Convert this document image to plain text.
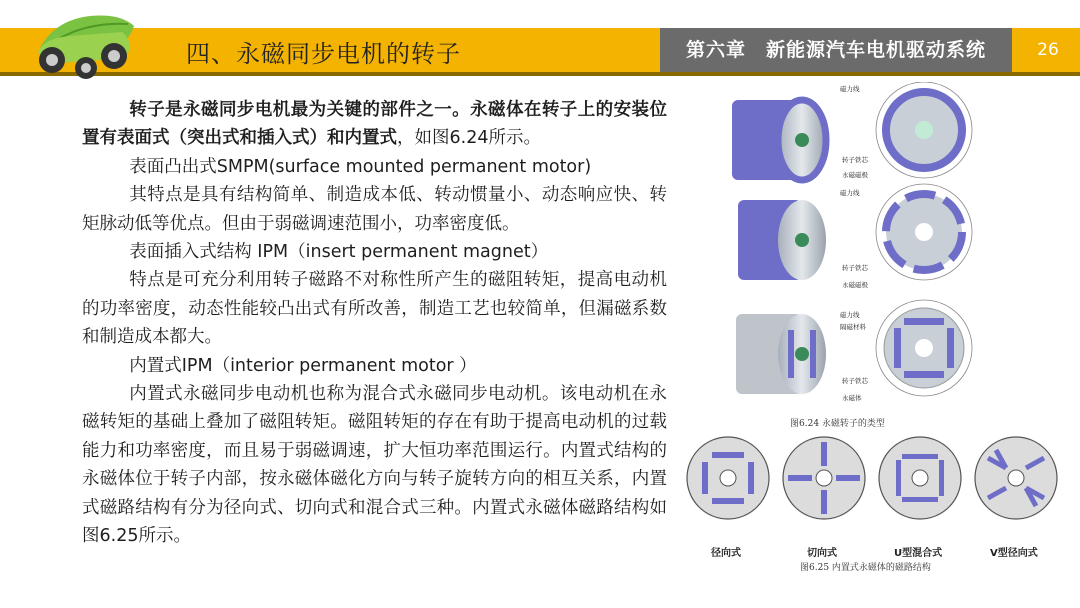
四、永磁同步电机的转子	第六章　新能源汽车电机驱动系统	26

转子是永磁同步电机最为关键的部件之一。永磁体在转子上的安装位置有表面式（突出式和插入式）和内置式，如图6.24所示。

表面凸出式SMPM(surface mounted permanent motor)

其特点是具有结构简单、制造成本低、转动惯量小、动态响应快、转矩脉动低等优点。但由于弱磁调速范围小，功率密度低。

表面插入式结构 IPM（insert permanent magnet）

特点是可充分利用转子磁路不对称性所产生的磁阻转矩，提高电动机的功率密度，动态性能较凸出式有所改善，制造工艺也较简单，但漏磁系数和制造成本都大。

内置式IPM（interior permanent motor ）

内置式永磁同步电动机也称为混合式永磁同步电动机。该电动机在永磁转矩的基础上叠加了磁阻转矩。磁阻转矩的存在有助于提高电动机的过载能力和功率密度，而且易于弱磁调速，扩大恒功率范围运行。内置式结构的永磁体位于转子内部，按永磁体磁化方向与转子旋转方向的相互关系，内置式磁路结构有分为径向式、切向式和混合式三种。内置式永磁体磁路结构如图6.25所示。

磁力线
转子铁芯
永磁磁极
磁力线
转子铁芯
永磁磁极
磁力线
隔磁材料
转子铁芯
永磁体
图6.24 永磁转子的类型
径向式	切向式	U型混合式	V型径向式
图6.25 内置式永磁体的磁路结构
